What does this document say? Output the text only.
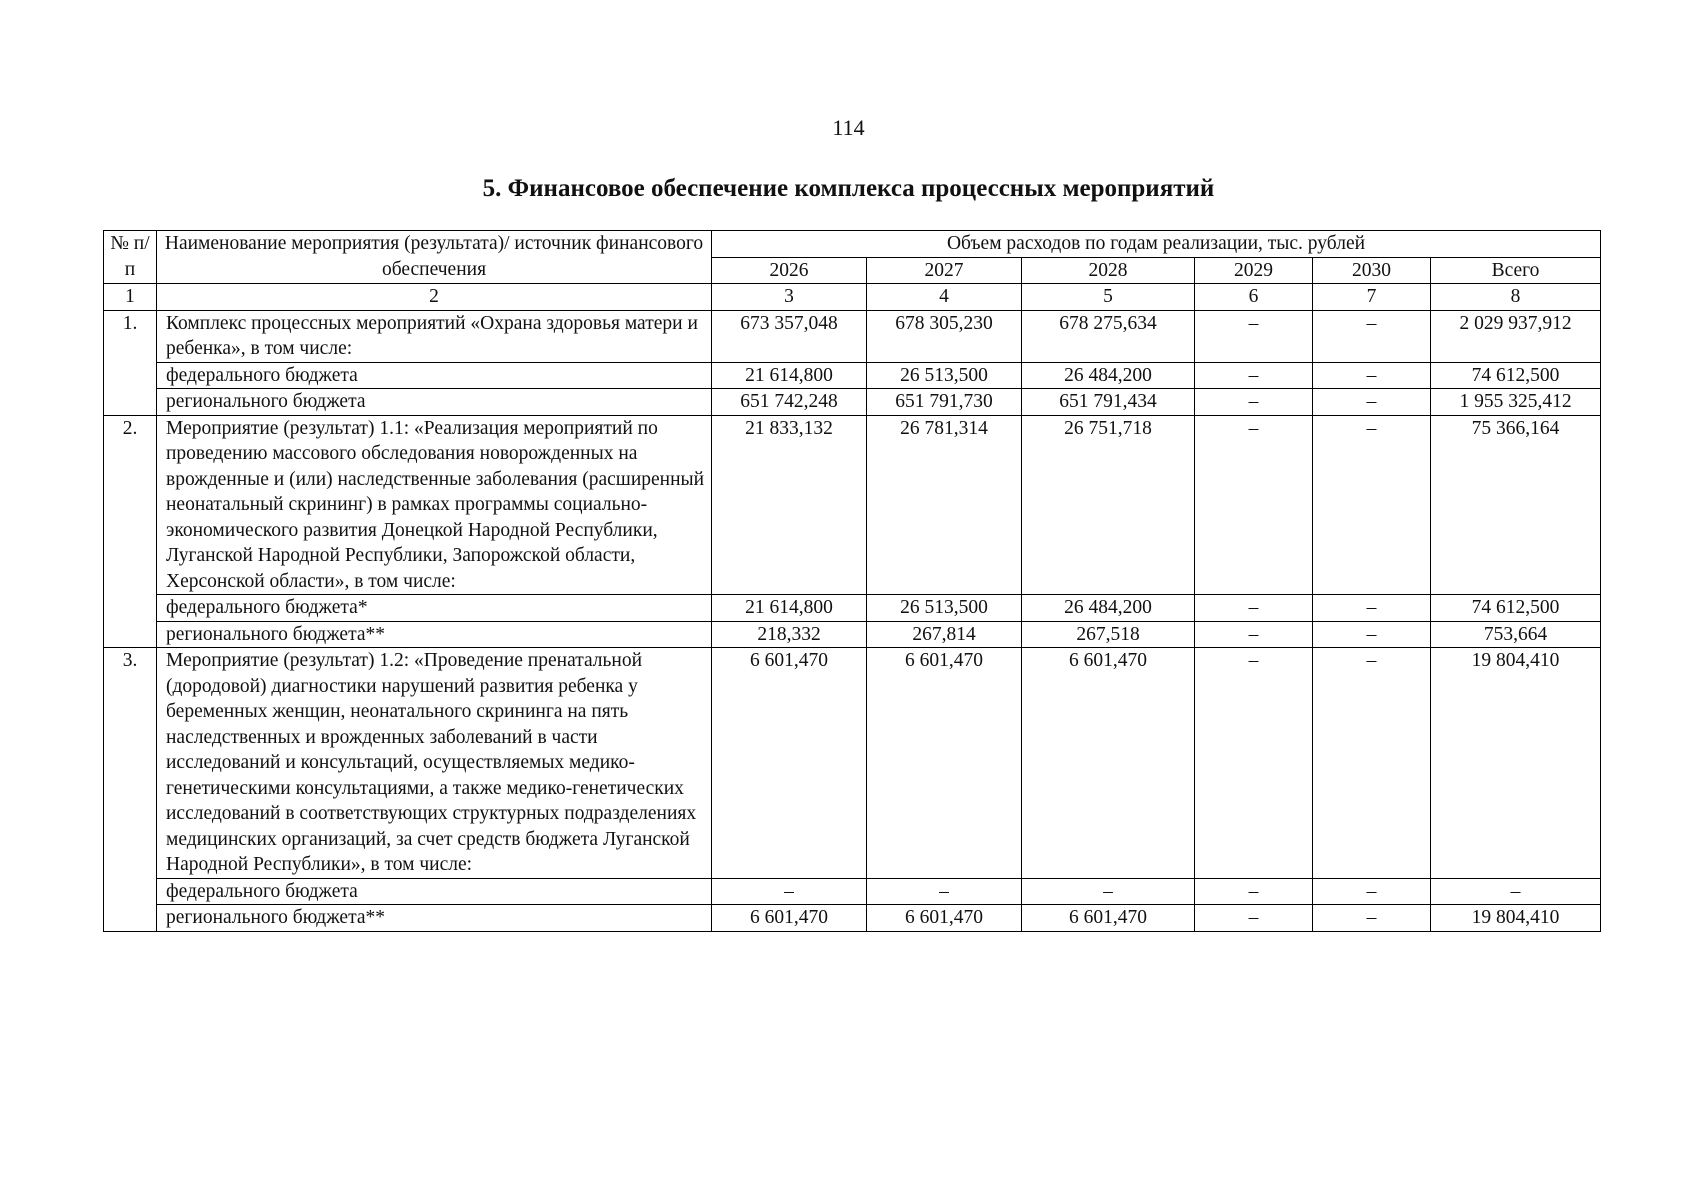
114
5. Финансовое обеспечение комплекса процессных мероприятий
№ п/п	Наименование мероприятия (результата)/ источник финансового обеспечения	Объем расходов по годам реализации, тыс. рублей					
		2026	2027	2028	2029	2030	Всего
1	2	3	4	5	6	7	8
1.	Комплекс процессных мероприятий «Охрана здоровья матери и ребенка», в том числе:	673 357,048	678 305,230	678 275,634	–	–	2 029 937,912
	федерального бюджета	21 614,800	26 513,500	26 484,200	–	–	74 612,500
	регионального бюджета	651 742,248	651 791,730	651 791,434	–	–	1 955 325,412
2.	Мероприятие (результат) 1.1: «Реализация мероприятий по проведению массового обследования новорожденных на врожденные и (или) наследственные заболевания (расширенный неонатальный скрининг) в рамках программы социально-экономического развития Донецкой Народной Республики, Луганской Народной Республики, Запорожской области, Херсонской области», в том числе:	21 833,132	26 781,314	26 751,718	–	–	75 366,164
	федерального бюджета*	21 614,800	26 513,500	26 484,200	–	–	74 612,500
	регионального бюджета**	218,332	267,814	267,518	–	–	753,664
3.	Мероприятие (результат) 1.2: «Проведение пренатальной (дородовой) диагностики нарушений развития ребенка у беременных женщин, неонатального скрининга на пять наследственных и врожденных заболеваний в части исследований и консультаций, осуществляемых медико-генетическими консультациями, а также медико-генетических исследований в соответствующих структурных подразделениях медицинских организаций, за счет средств бюджета Луганской Народной Республики», в том числе:	6 601,470	6 601,470	6 601,470	–	–	19 804,410
	федерального бюджета	–	–	–	–	–	–
	регионального бюджета**	6 601,470	6 601,470	6 601,470	–	–	19 804,410
